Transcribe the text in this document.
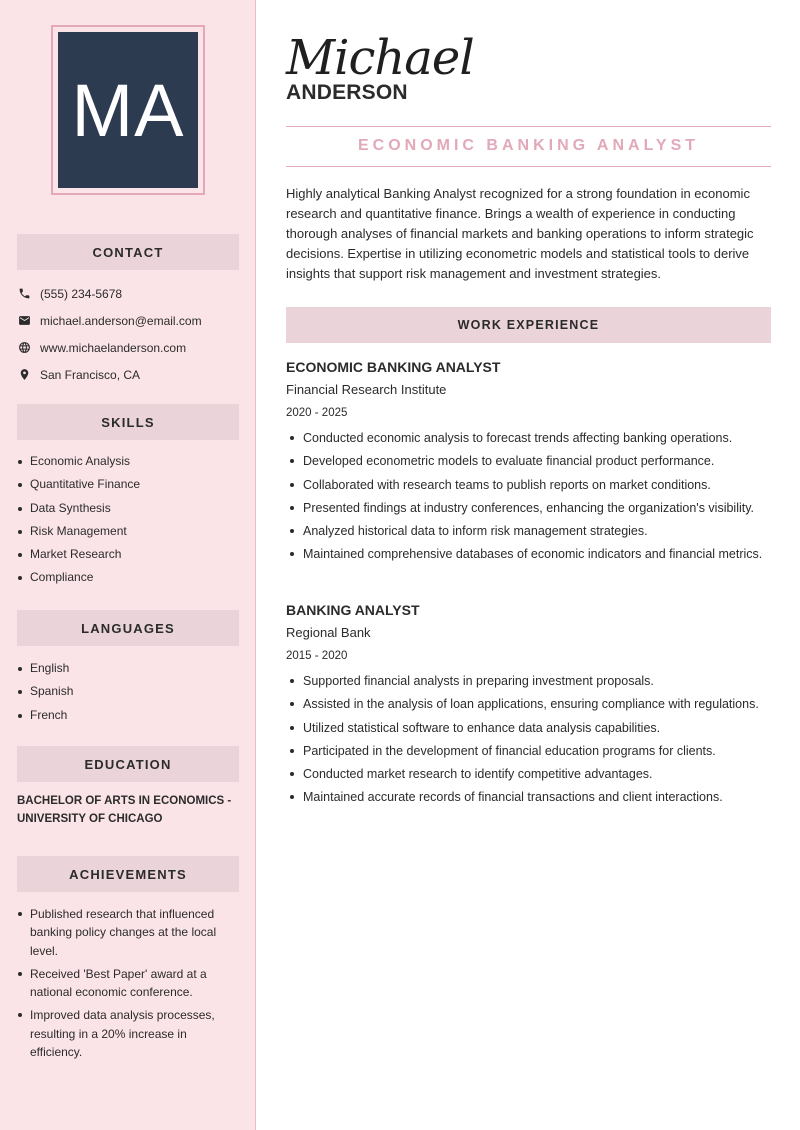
MA
CONTACT
(555) 234-5678
michael.anderson@email.com
www.michaelanderson.com
San Francisco, CA
SKILLS
Economic Analysis
Quantitative Finance
Data Synthesis
Risk Management
Market Research
Compliance
LANGUAGES
English
Spanish
French
EDUCATION
BACHELOR OF ARTS IN ECONOMICS - UNIVERSITY OF CHICAGO
ACHIEVEMENTS
Published research that influenced banking policy changes at the local level.
Received 'Best Paper' award at a national economic conference.
Improved data analysis processes, resulting in a 20% increase in efficiency.
Michael
ANDERSON
ECONOMIC BANKING ANALYST

Highly analytical Banking Analyst recognized for a strong foundation in economic research and quantitative finance. Brings a wealth of experience in conducting thorough analyses of financial markets and banking operations to inform strategic decisions. Expertise in utilizing econometric models and statistical tools to derive insights that support risk management and investment strategies.

WORK EXPERIENCE
ECONOMIC BANKING ANALYST
Financial Research Institute
2020 - 2025
Conducted economic analysis to forecast trends affecting banking operations.
Developed econometric models to evaluate financial product performance.
Collaborated with research teams to publish reports on market conditions.
Presented findings at industry conferences, enhancing the organization's visibility.
Analyzed historical data to inform risk management strategies.
Maintained comprehensive databases of economic indicators and financial metrics.
BANKING ANALYST
Regional Bank
2015 - 2020
Supported financial analysts in preparing investment proposals.
Assisted in the analysis of loan applications, ensuring compliance with regulations.
Utilized statistical software to enhance data analysis capabilities.
Participated in the development of financial education programs for clients.
Conducted market research to identify competitive advantages.
Maintained accurate records of financial transactions and client interactions.
